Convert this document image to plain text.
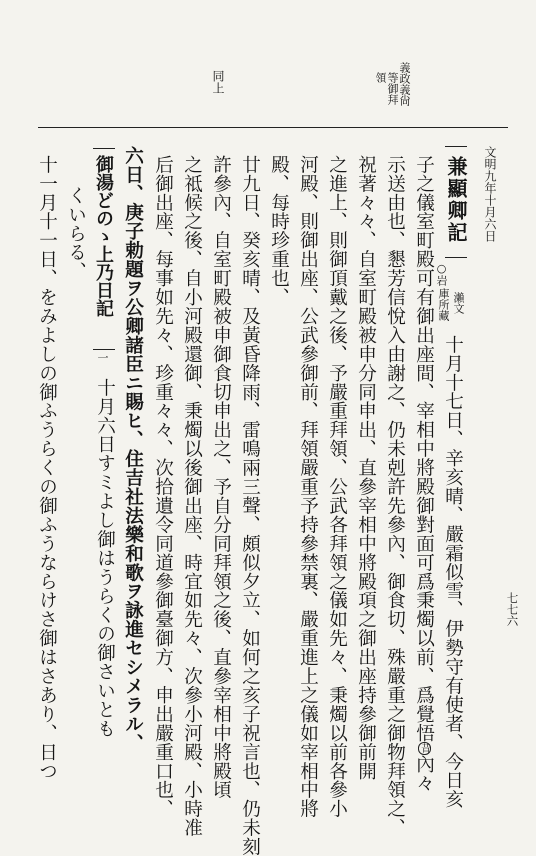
七七六
義政義尙
等御拜
領
同上
文明九年十月六日
兼顯卿記
○岩
瀨文
庫所藏
十月十七日、辛亥晴、嚴霜似雪、伊勢守有使者、今日亥
子之儀室町殿可有御出座間、宰相中將殿御對面可爲秉燭以前、爲覺悟昔內々
示送由也、懇芳信悅入由謝之、仍未剋許先參內、御食切、殊嚴重之御物拜領之、
祝著々々、自室町殿被申分同申出、直參宰相中將殿項之御出座持參御前開
之進上、則御頂戴之後、予嚴重拜領、公武各拜領之儀如先々、秉燭以前各參小
河殿、則御出座、公武參御前、拜領嚴重予持參禁裏、嚴重進上之儀如宰相中將
殿、每時珍重也、
廿九日、癸亥晴、及黃昏降雨、雷鳴兩三聲、頗似夕立、如何之亥子祝言也、仍未刻
許參內、自室町殿被申御食切申出之、予自分同拜領之後、直參宰相中將殿頃
之祗候之後、自小河殿還御、秉燭以後御出座、時宜如先々、次參小河殿、小時准
后御出座、每事如先々、珍重々々、次拾遺令同道參御臺御方、申出嚴重口也、
六日、庚子勅題ヲ公卿諸臣ニ賜ヒ、住吉社法樂和歌ヲ詠進セシメラル、
御湯どのゝ上乃日記
一
十月六日すミよし御はうらくの御さいとも
くいらる、
十一月十一日、をみよしの御ふうらくの御ふうならけさ御はさあり、日つ
